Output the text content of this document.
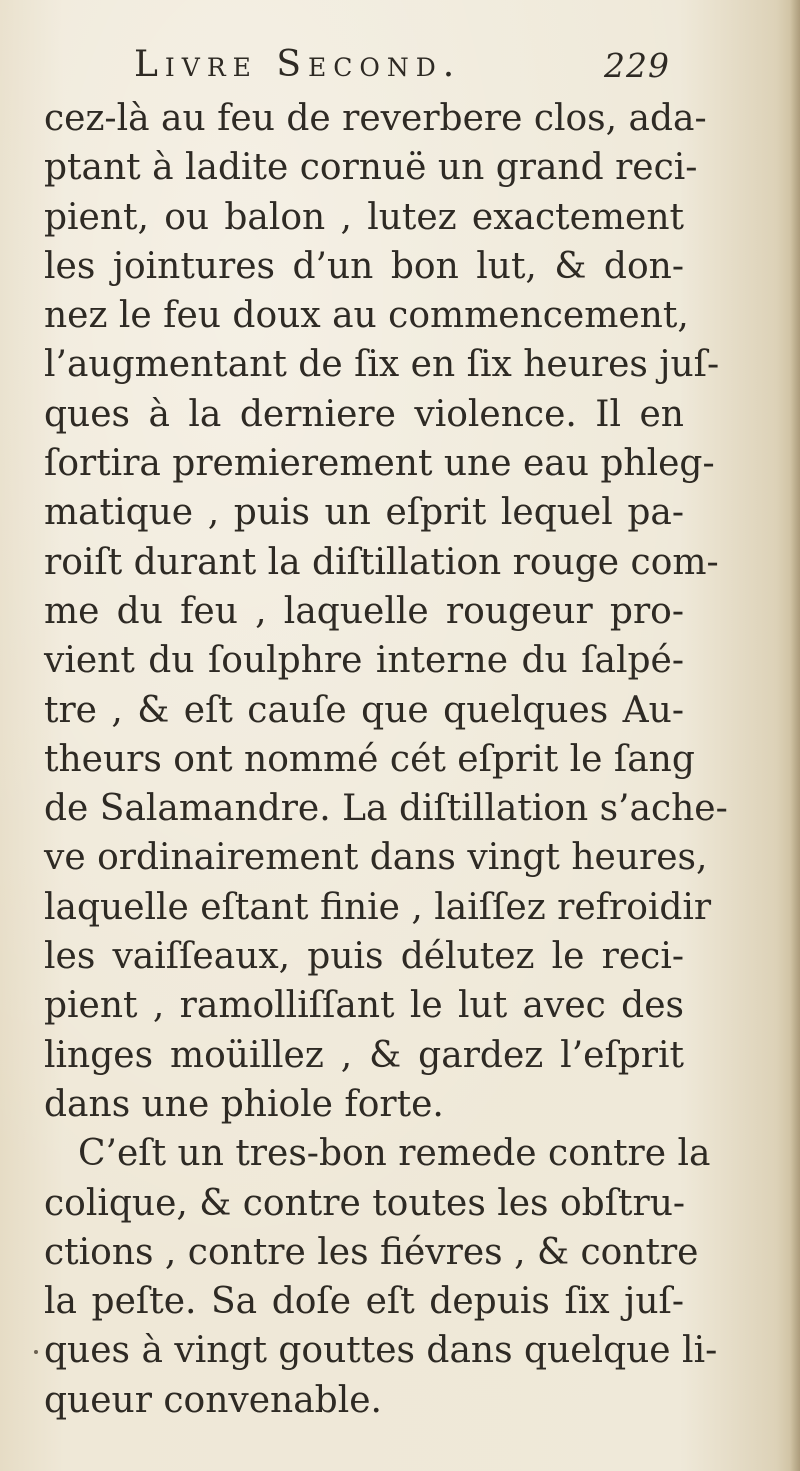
Livre Second.	229
cez-là au feu de reverbere clos, ada-
ptant à ladite cornuë un grand reci-
pient, ou balon , lutez exactement
les jointures d’un bon lut, & don-
nez le feu doux au commencement,
l’augmentant de ſix en ſix heures juſ-
ques à la derniere violence. Il en
ſortira premierement une eau phleg-
matique , puis un eſprit lequel pa-
roiſt durant la diſtillation rouge com-
me du feu , laquelle rougeur pro-
vient du ſoulphre interne du ſalpé-
tre , & eſt cauſe que quelques Au-
theurs ont nommé cét eſprit le ſang
de Salamandre. La diſtillation s’ache-
ve ordinairement dans vingt heures,
laquelle eſtant finie , laiſſez refroidir
les vaiſſeaux, puis délutez le reci-
pient , ramolliſſant le lut avec des
linges moüillez , & gardez l’eſprit
dans une phiole forte.
C’eſt un tres-bon remede contre la
colique, & contre toutes les obſtru-
ctions , contre les fiévres , & contre
la peſte. Sa doſe eſt depuis ſix juſ-
ques à vingt gouttes dans quelque li-
queur convenable.
